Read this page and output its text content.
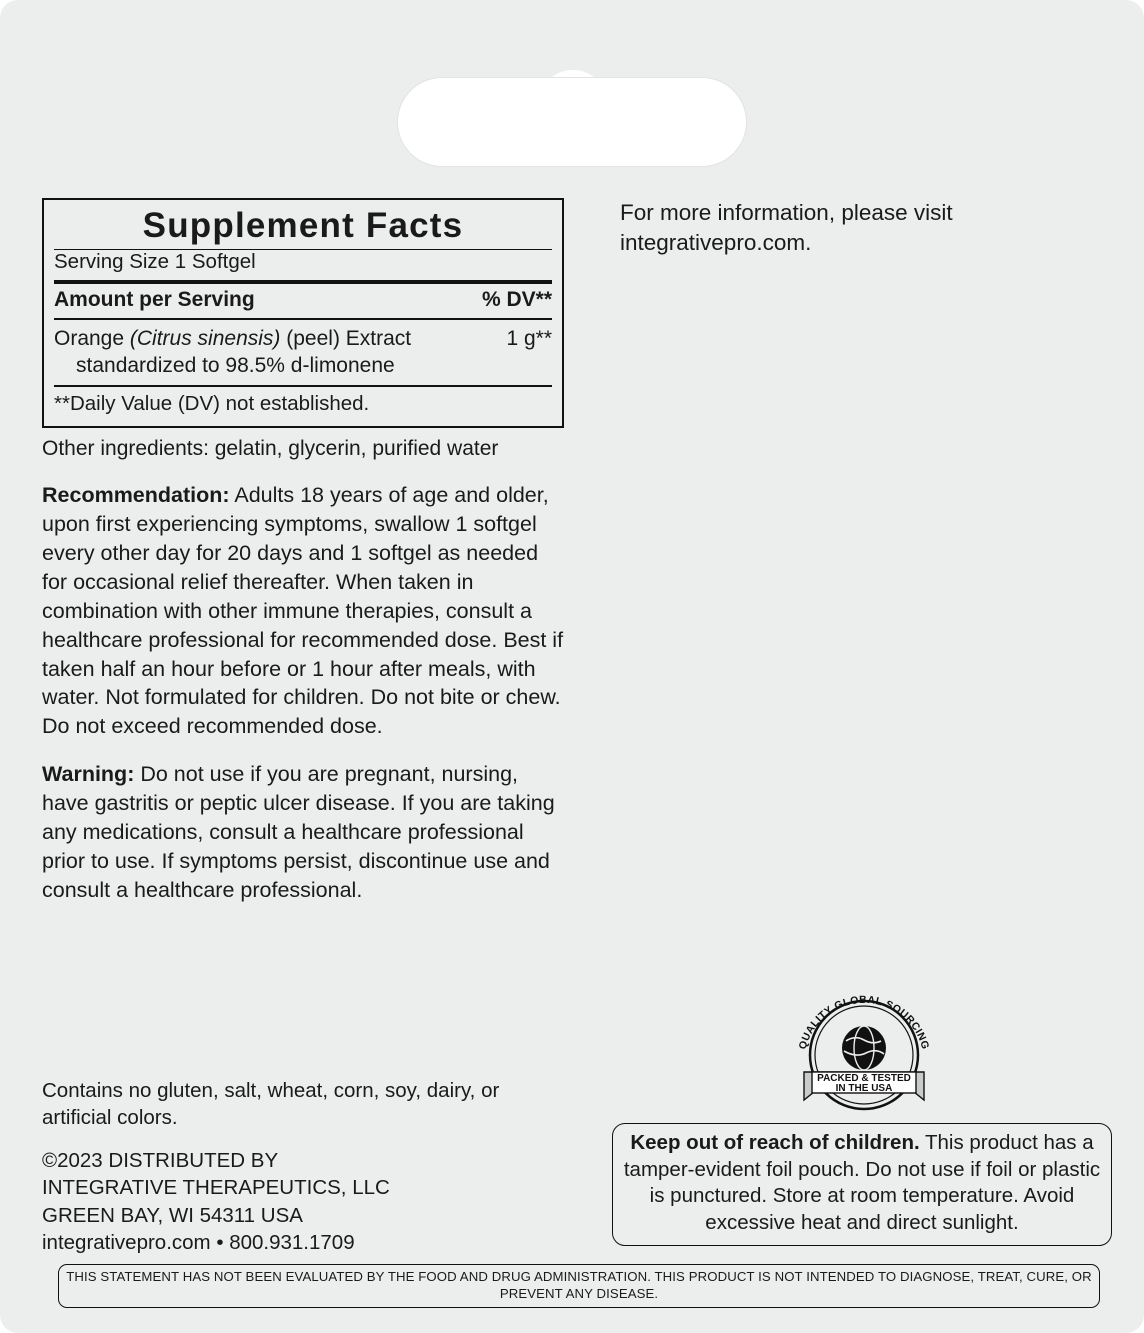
Supplement Facts
Serving Size 1 Softgel
Amount per Serving	% DV**
Orange (Citrus sinensis) (peel) Extract
standardized to 98.5% d-limonene
1 g**
**Daily Value (DV) not established.
Other ingredients: gelatin, glycerin, purified water
Recommendation: Adults 18 years of age and older, upon first experiencing symptoms, swallow 1 softgel every other day for 20 days and 1 softgel as needed for occasional relief thereafter. When taken in combination with other immune therapies, consult a healthcare professional for recommended dose. Best if taken half an hour before or 1 hour after meals, with water. Not formulated for children. Do not bite or chew. Do not exceed recommended dose.
Warning: Do not use if you are pregnant, nursing, have gastritis or peptic ulcer disease. If you are taking any medications, consult a healthcare professional prior to use. If symptoms persist, discontinue use and consult a healthcare professional.
Contains no gluten, salt, wheat, corn, soy, dairy, or artificial colors.
©2023 DISTRIBUTED BY
INTEGRATIVE THERAPEUTICS, LLC
GREEN BAY, WI 54311 USA
integrativepro.com • 800.931.1709
For more information, please visit integrativepro.com.
QUALITY GLOBAL SOURCING
PACKED & TESTED
IN THE USA
Keep out of reach of children. This product has a tamper-evident foil pouch. Do not use if foil or plastic is punctured. Store at room temperature. Avoid excessive heat and direct sunlight.
THIS STATEMENT HAS NOT BEEN EVALUATED BY THE FOOD AND DRUG ADMINISTRATION. THIS PRODUCT IS NOT INTENDED TO DIAGNOSE, TREAT, CURE, OR PREVENT ANY DISEASE.
